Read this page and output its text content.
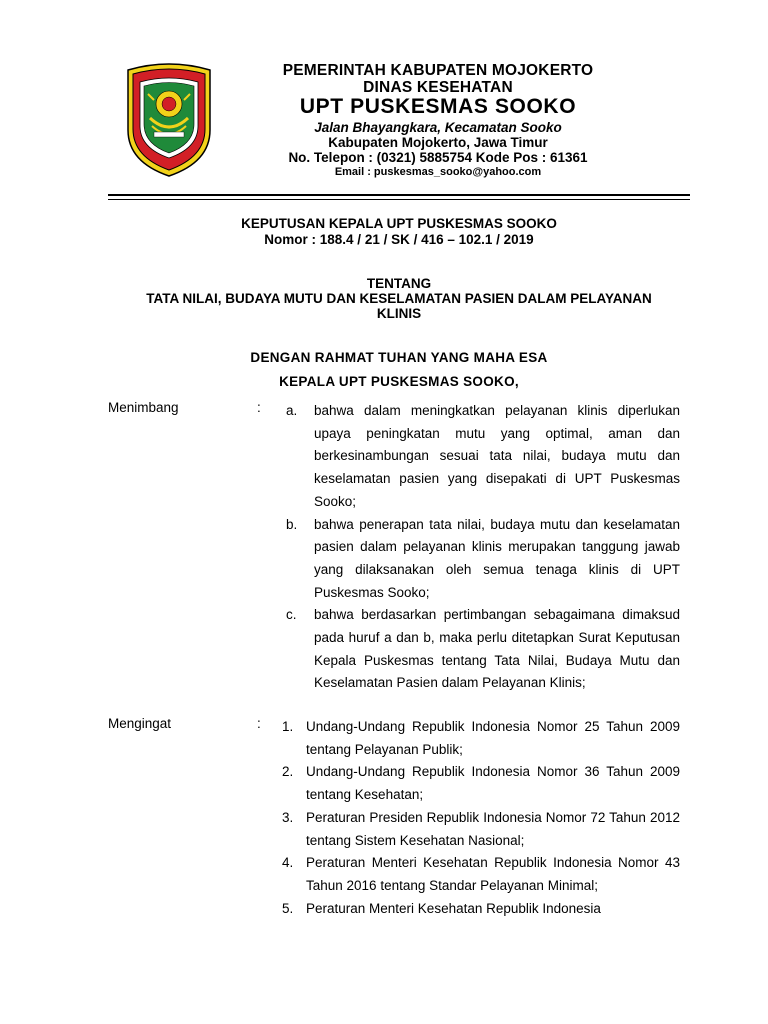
PEMERINTAH KABUPATEN MOJOKERTO
DINAS KESEHATAN
UPT PUSKESMAS SOOKO
Jalan Bhayangkara, Kecamatan Sooko
Kabupaten Mojokerto, Jawa Timur
No. Telepon : (0321) 5885754 Kode Pos : 61361
Email : puskesmas_sooko@yahoo.com
KEPUTUSAN KEPALA UPT PUSKESMAS SOOKO
Nomor : 188.4 / 21 / SK / 416 – 102.1 / 2019
TENTANG
TATA NILAI, BUDAYA MUTU DAN KESELAMATAN PASIEN DALAM PELAYANAN
KLINIS
DENGAN RAHMAT TUHAN YANG MAHA ESA
KEPALA UPT PUSKESMAS SOOKO,
Menimbang	: a. bahwa dalam meningkatkan pelayanan klinis diperlukan upaya peningkatan mutu yang optimal, aman dan berkesinambungan sesuai tata nilai, budaya mutu dan keselamatan pasien yang disepakati di UPT Puskesmas Sooko;
b. bahwa penerapan tata nilai, budaya mutu dan keselamatan pasien dalam pelayanan klinis merupakan tanggung jawab yang dilaksanakan oleh semua tenaga klinis di UPT Puskesmas Sooko;
c. bahwa berdasarkan pertimbangan sebagaimana dimaksud pada huruf a dan b, maka perlu ditetapkan Surat Keputusan Kepala Puskesmas tentang Tata Nilai, Budaya Mutu dan Keselamatan Pasien dalam Pelayanan Klinis;
Mengingat	: 1. Undang-Undang Republik Indonesia Nomor 25 Tahun 2009 tentang Pelayanan Publik;
2. Undang-Undang Republik Indonesia Nomor 36 Tahun 2009 tentang Kesehatan;
3. Peraturan Presiden Republik Indonesia Nomor 72 Tahun 2012 tentang Sistem Kesehatan Nasional;
4. Peraturan Menteri Kesehatan Republik Indonesia Nomor 43 Tahun 2016 tentang Standar Pelayanan Minimal;
5. Peraturan Menteri Kesehatan Republik Indonesia
